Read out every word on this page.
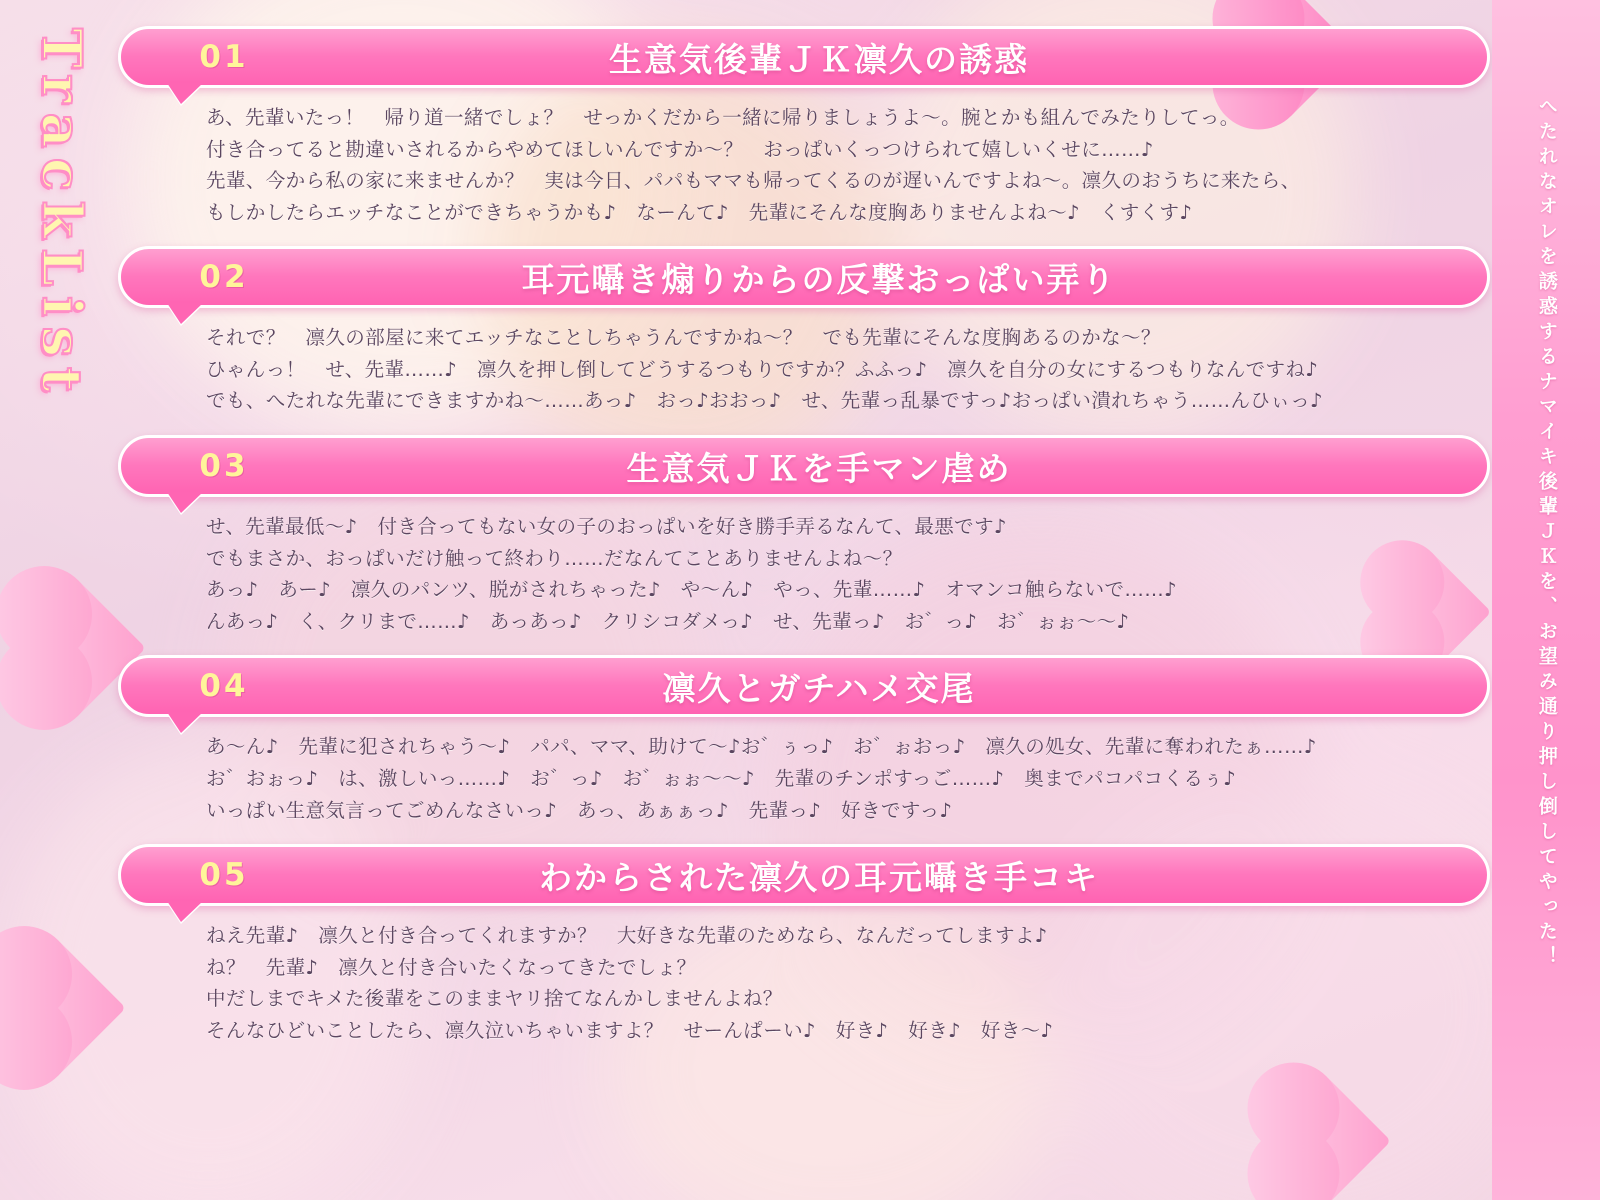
TrackList	01	生意気後輩ＪＫ凛久の誘惑
あ、先輩いたっ！　帰り道一緒でしょ？　せっかくだから一緒に帰りましょうよ〜。腕とかも組んでみたりしてっ。
付き合ってると勘違いされるからやめてほしいんですか〜？　おっぱいくっつけられて嬉しいくせに……♪
先輩、今から私の家に来ませんか？　実は今日、パパもママも帰ってくるのが遅いんですよね〜。凛久のおうちに来たら、
もしかしたらエッチなことができちゃうかも♪　なーんて♪　先輩にそんな度胸ありませんよね〜♪　くすくす♪
02	耳元囁き煽りからの反撃おっぱい弄り
それで？　凛久の部屋に来てエッチなことしちゃうんですかね〜？　でも先輩にそんな度胸あるのかな〜？
ひゃんっ！　せ、先輩……♪　凛久を押し倒してどうするつもりですか？ふふっ♪　凛久を自分の女にするつもりなんですね♪
でも、へたれな先輩にできますかね〜……あっ♪　おっ♪おおっ♪　せ、先輩っ乱暴ですっ♪おっぱい潰れちゃう……んひぃっ♪
03	生意気ＪＫを手マン虐め
せ、先輩最低〜♪　付き合ってもない女の子のおっぱいを好き勝手弄るなんて、最悪です♪
でもまさか、おっぱいだけ触って終わり……だなんてことありませんよね〜？
あっ♪　あー♪　凛久のパンツ、脱がされちゃった♪　や〜ん♪　やっ、先輩……♪　オマンコ触らないで……♪
んあっ♪　く、クリまで……♪　あっあっ♪　クリシコダメっ♪　せ、先輩っ♪　お゛っ♪　お゛ぉぉ〜〜♪
04	凛久とガチハメ交尾
あ〜ん♪　先輩に犯されちゃう〜♪　パパ、ママ、助けて〜♪お゛ぅっ♪　お゛ぉおっ♪　凛久の処女、先輩に奪われたぁ……♪
お゛おぉっ♪　は、激しいっ……♪　お゛っ♪　お゛ぉぉ〜〜♪　先輩のチンポすっご……♪　奥までパコパコくるぅ♪
いっぱい生意気言ってごめんなさいっ♪　あっ、あぁぁっ♪　先輩っ♪　好きですっ♪
05	わからされた凛久の耳元囁き手コキ
ねえ先輩♪　凛久と付き合ってくれますか？　大好きな先輩のためなら、なんだってしますよ♪
ね？　先輩♪　凛久と付き合いたくなってきたでしょ？
中だしまでキメた後輩をこのままヤリ捨てなんかしませんよね？
そんなひどいことしたら、凛久泣いちゃいますよ？　せーんぱーい♪　好き♪　好き♪　好き〜♪
へたれなオレを誘惑するナマイキ後輩ＪＫを、お望み通り押し倒してやった！
